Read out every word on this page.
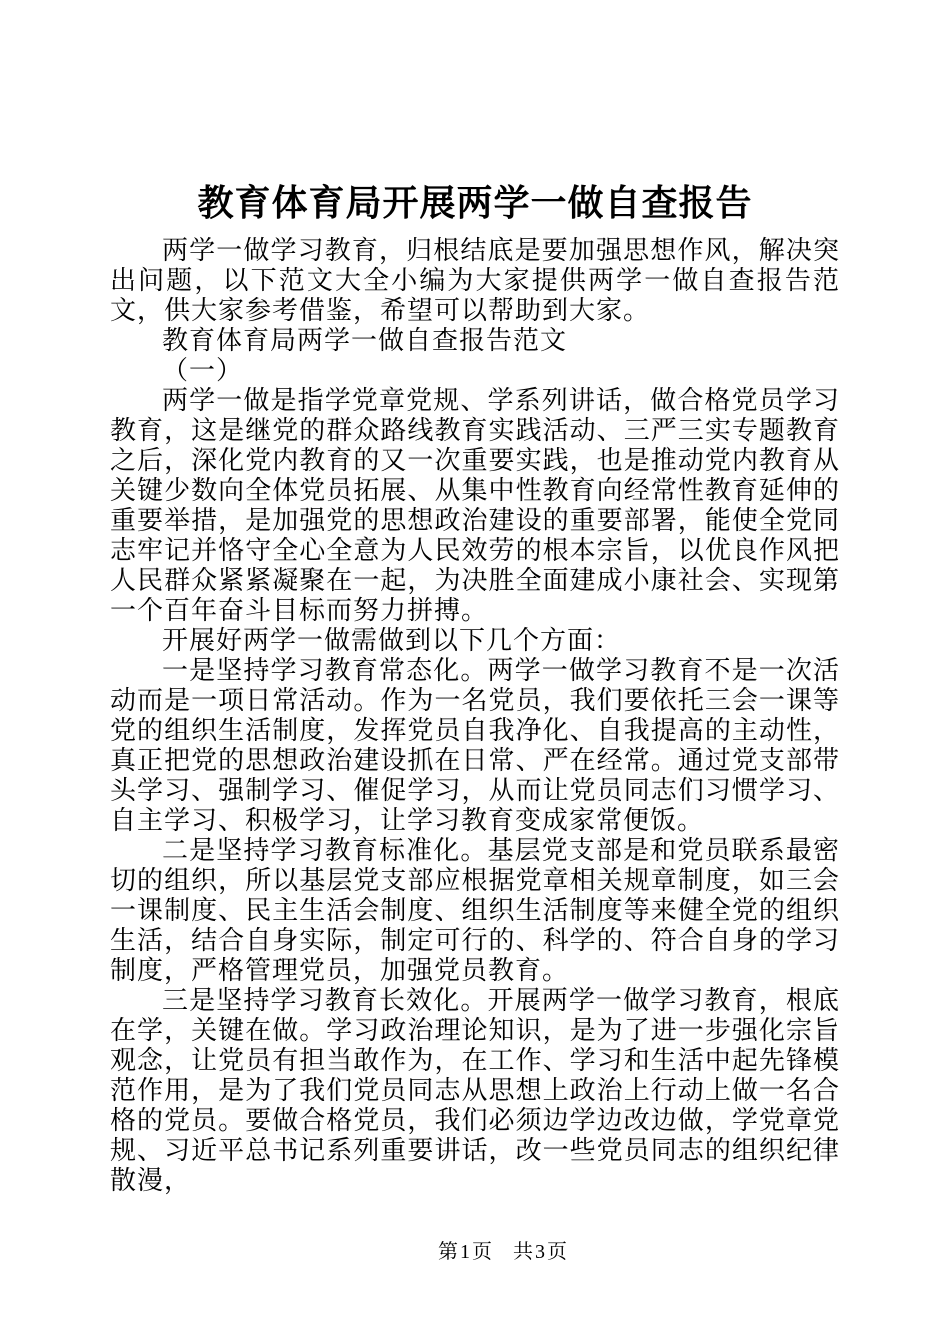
教育体育局开展两学一做自查报告

两学一做学习教育，归根结底是要加强思想作风，解决突出问题，以下范文大全小编为大家提供两学一做自查报告范文，供大家参考借鉴，希望可以帮助到大家。

教育体育局两学一做自查报告范文

（一）

两学一做是指学党章党规、学系列讲话，做合格党员学习教育，这是继党的群众路线教育实践活动、三严三实专题教育之后，深化党内教育的又一次重要实践，也是推动党内教育从关键少数向全体党员拓展、从集中性教育向经常性教育延伸的重要举措，是加强党的思想政治建设的重要部署，能使全党同志牢记并恪守全心全意为人民效劳的根本宗旨，以优良作风把人民群众紧紧凝聚在一起，为决胜全面建成小康社会、实现第一个百年奋斗目标而努力拼搏。

开展好两学一做需做到以下几个方面：

一是坚持学习教育常态化。两学一做学习教育不是一次活动而是一项日常活动。作为一名党员，我们要依托三会一课等党的组织生活制度，发挥党员自我净化、自我提高的主动性，真正把党的思想政治建设抓在日常、严在经常。通过党支部带头学习、强制学习、催促学习，从而让党员同志们习惯学习、自主学习、积极学习，让学习教育变成家常便饭。

二是坚持学习教育标准化。基层党支部是和党员联系最密切的组织，所以基层党支部应根据党章相关规章制度，如三会一课制度、民主生活会制度、组织生活制度等来健全党的组织生活，结合自身实际，制定可行的、科学的、符合自身的学习制度，严格管理党员，加强党员教育。

三是坚持学习教育长效化。开展两学一做学习教育，根底在学，关键在做。学习政治理论知识，是为了进一步强化宗旨观念，让党员有担当敢作为，在工作、学习和生活中起先锋模范作用，是为了我们党员同志从思想上政治上行动上做一名合格的党员。要做合格党员，我们必须边学边改边做，学党章党规、习近平总书记系列重要讲话，改一些党员同志的组织纪律散漫，

第1页 共3页
